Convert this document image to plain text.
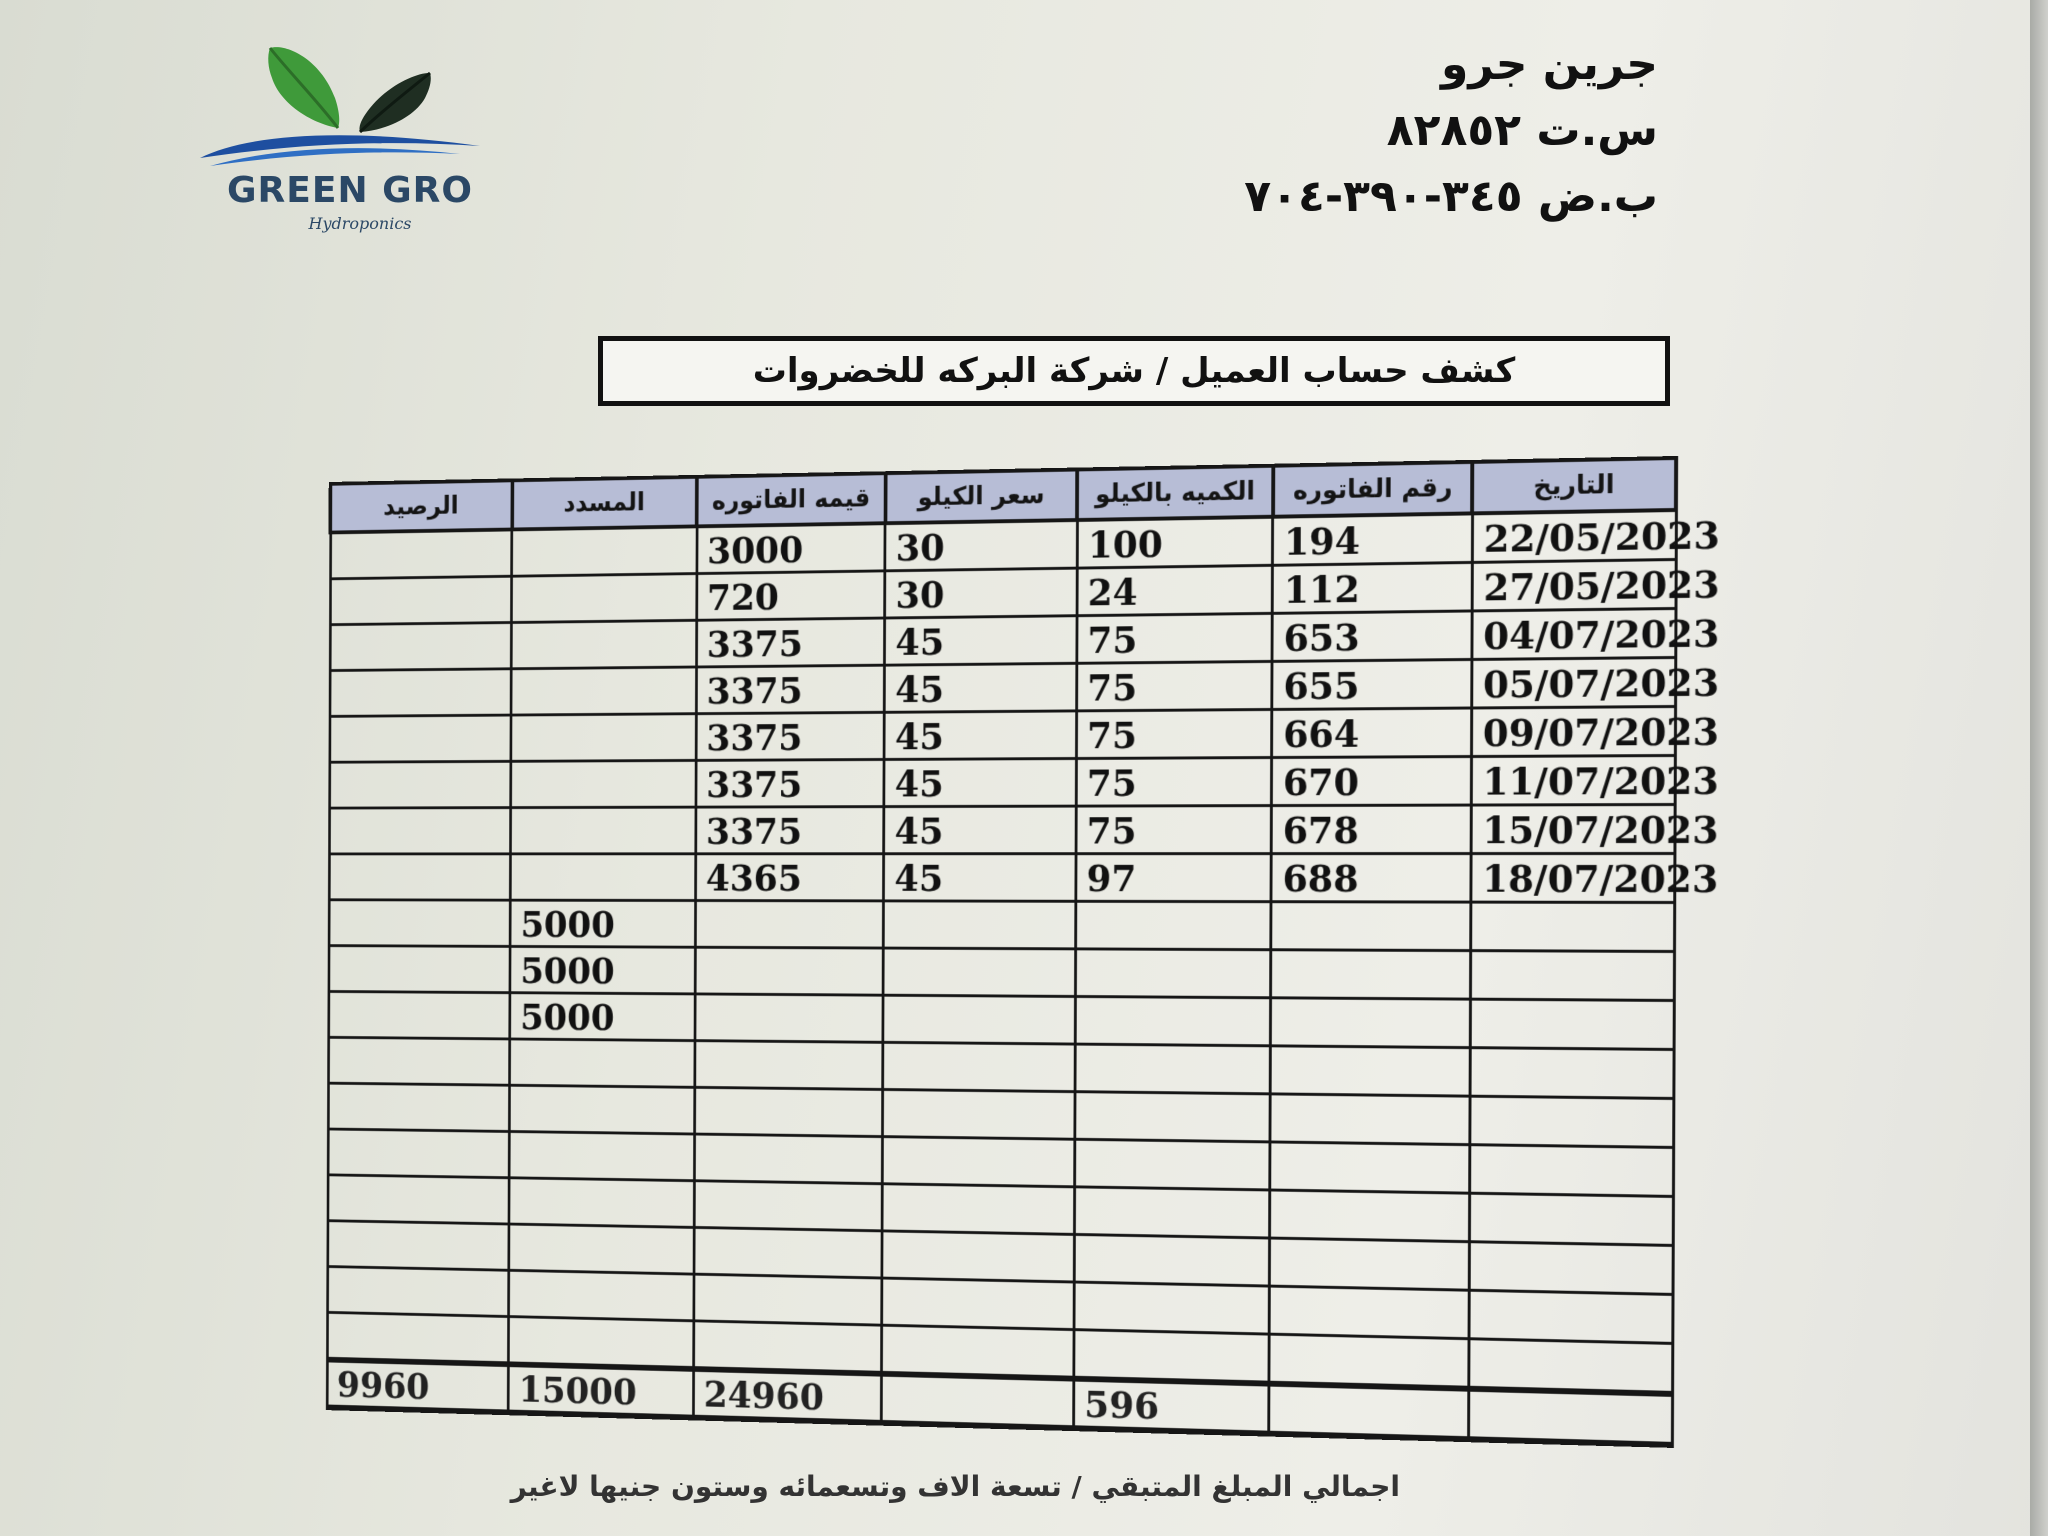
GREEN GRO
Hydroponics
جرين جرو
س.ت ٨٢٨٥٢
ب.ض ٣٤٥-٣٩٠-٧٠٤
كشف حساب العميل / شركة البركه للخضروات
التاريخ	رقم الفاتوره	الكميه بالكيلو	سعر الكيلو	قيمه الفاتوره	المسدد	الرصيد
22/05/2023	194	100	30	3000		
27/05/2023	112	24	30	720		
04/07/2023	653	75	45	3375		
05/07/2023	655	75	45	3375		
09/07/2023	664	75	45	3375		
11/07/2023	670	75	45	3375		
15/07/2023	678	75	45	3375		
18/07/2023	688	97	45	4365		
					5000	
					5000	
					5000	

		596		24960	15000	9960
اجمالي المبلغ المتبقي / تسعة الاف وتسعمائه وستون جنيها لاغير
